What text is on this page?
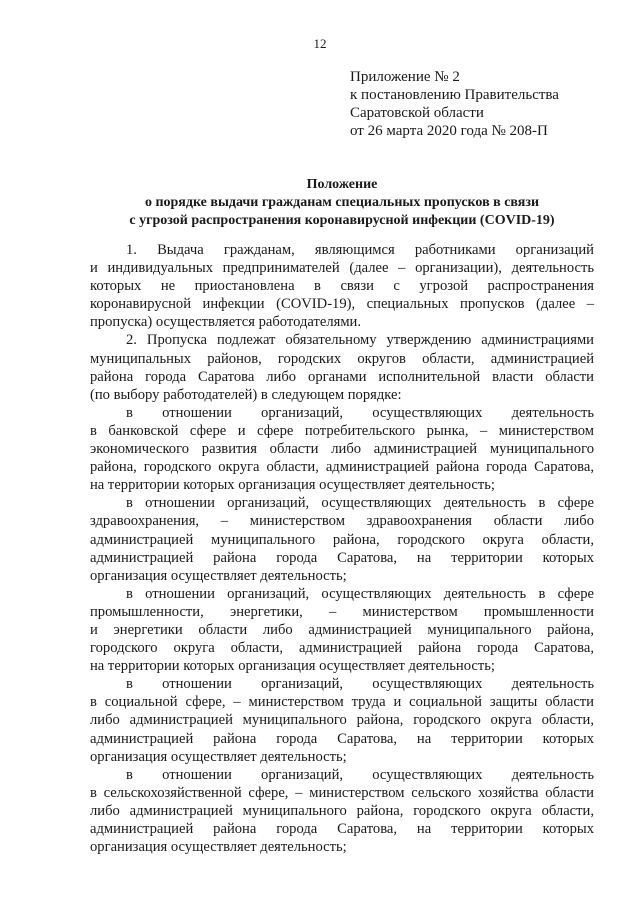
12
Приложение № 2
к постановлению Правительства
Саратовской области
от 26 марта 2020 года № 208-П
Положение
о порядке выдачи гражданам специальных пропусков в связи
с угрозой распространения коронавирусной инфекции (COVID-19)
1. Выдача гражданам, являющимся работниками организаций
и индивидуальных предпринимателей (далее – организации), деятельность
которых не приостановлена в связи с угрозой распространения
коронавирусной инфекции (COVID-19), специальных пропусков (далее –
пропуска) осуществляется работодателями.
2. Пропуска подлежат обязательному утверждению администрациями
муниципальных районов, городских округов области, администрацией
района города Саратова либо органами исполнительной власти области
(по выбору работодателей) в следующем порядке:
в отношении организаций, осуществляющих деятельность
в банковской сфере и сфере потребительского рынка, – министерством
экономического развития области либо администрацией муниципального
района, городского округа области, администрацией района города Саратова,
на территории которых организация осуществляет деятельность;
в отношении организаций, осуществляющих деятельность в сфере
здравоохранения, – министерством здравоохранения области либо
администрацией муниципального района, городского округа области,
администрацией района города Саратова, на территории которых
организация осуществляет деятельность;
в отношении организаций, осуществляющих деятельность в сфере
промышленности, энергетики, – министерством промышленности
и энергетики области либо администрацией муниципального района,
городского округа области, администрацией района города Саратова,
на территории которых организация осуществляет деятельность;
в отношении организаций, осуществляющих деятельность
в социальной сфере, – министерством труда и социальной защиты области
либо администрацией муниципального района, городского округа области,
администрацией района города Саратова, на территории которых
организация осуществляет деятельность;
в отношении организаций, осуществляющих деятельность
в сельскохозяйственной сфере, – министерством сельского хозяйства области
либо администрацией муниципального района, городского округа области,
администрацией района города Саратова, на территории которых
организация осуществляет деятельность;
